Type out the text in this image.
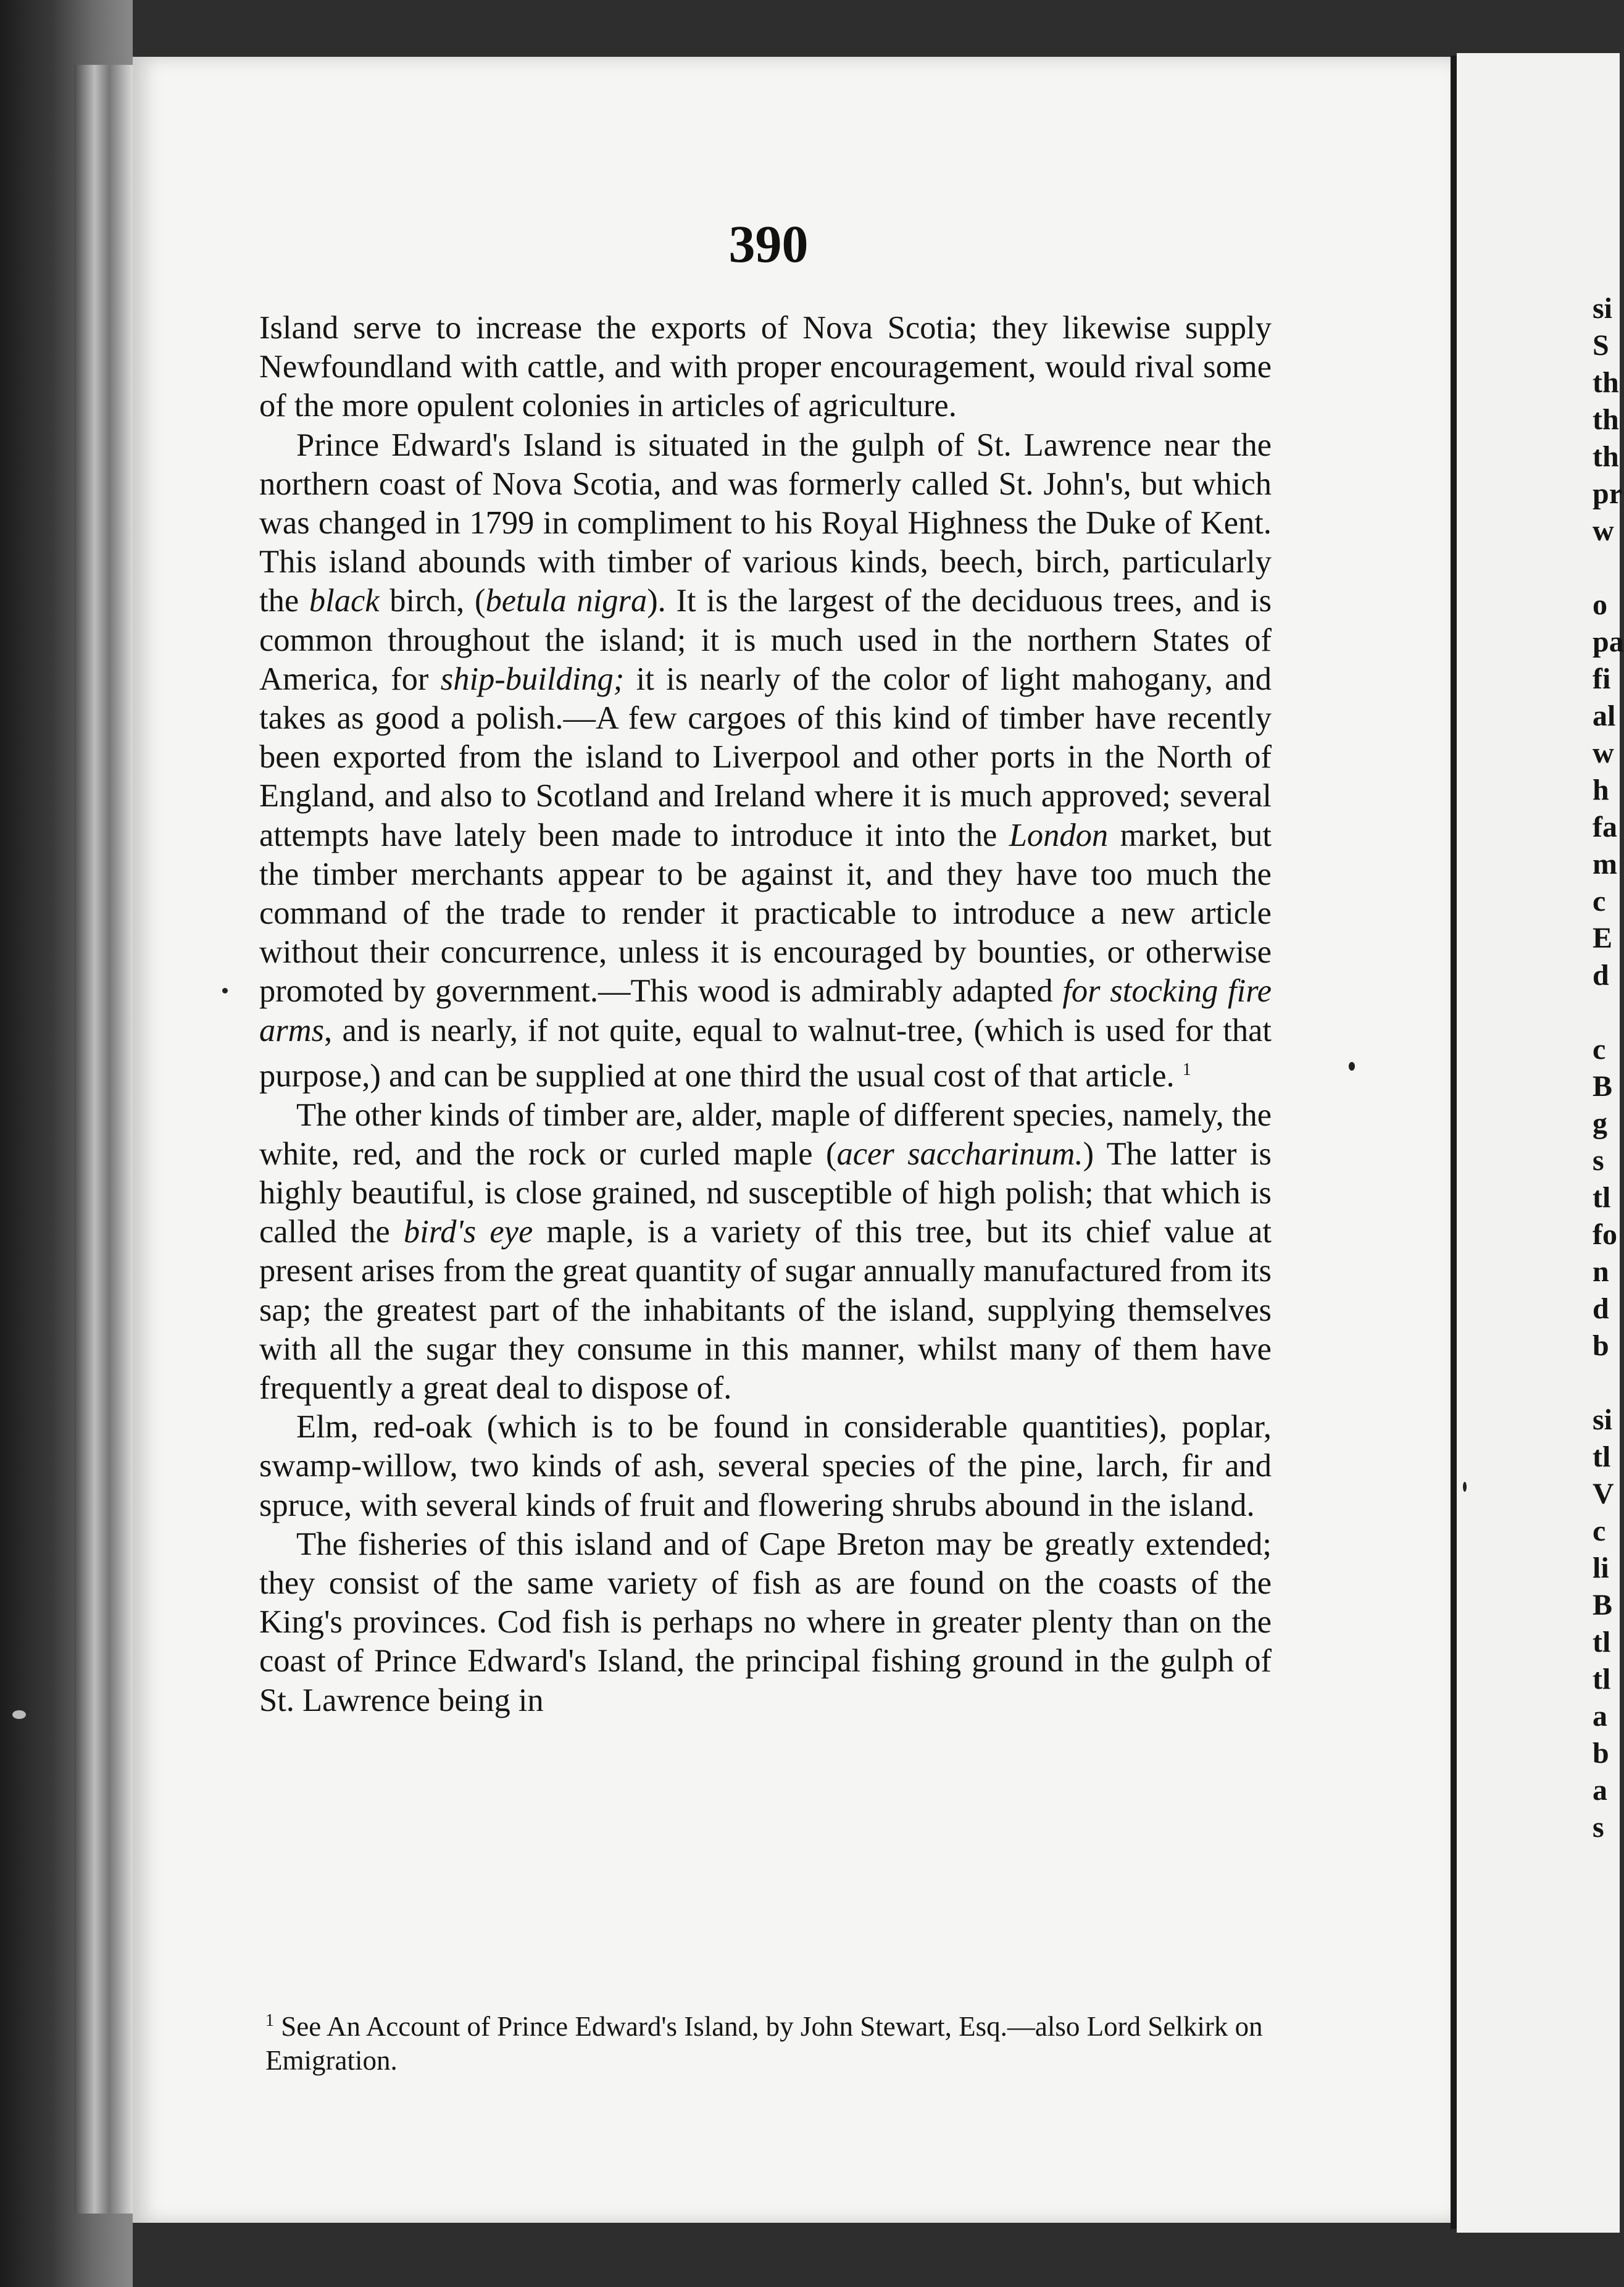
390

Island serve to increase the exports of Nova Scotia; they likewise supply Newfoundland with cattle, and with proper encouragement, would rival some of the more opulent colonies in articles of agriculture.

Prince Edward's Island is situated in the gulph of St. Lawrence near the northern coast of Nova Scotia, and was formerly called St. John's, but which was changed in 1799 in compliment to his Royal Highness the Duke of Kent. This island abounds with timber of various kinds, beech, birch, particularly the black birch, (betula nigra). It is the largest of the deciduous trees, and is common throughout the island; it is much used in the northern States of America, for ship-building; it is nearly of the color of light mahogany, and takes as good a polish.—A few cargoes of this kind of timber have recently been exported from the island to Liverpool and other ports in the North of England, and also to Scotland and Ireland where it is much approved; several attempts have lately been made to introduce it into the London market, but the timber merchants appear to be against it, and they have too much the command of the trade to render it practicable to introduce a new article without their concurrence, unless it is encouraged by bounties, or otherwise promoted by government.—This wood is admirably adapted for stocking fire arms, and is nearly, if not quite, equal to walnut-tree, (which is used for that purpose,) and can be supplied at one third the usual cost of that article. $^1$

The other kinds of timber are, alder, maple of different species, namely, the white, red, and the rock or curled maple (acer saccharinum.) The latter is highly beautiful, is close grained, nd susceptible of high polish; that which is called the bird's eye maple, is a variety of this tree, but its chief value at present arises from the great quantity of sugar annually manufactured from its sap; the greatest part of the inhabitants of the island, supplying themselves with all the sugar they consume in this manner, whilst many of them have frequently a great deal to dispose of.

Elm, red-oak (which is to be found in considerable quantities), poplar, swamp-willow, two kinds of ash, several species of the pine, larch, fir and spruce, with several kinds of fruit and flowering shrubs abound in the island.

The fisheries of this island and of Cape Breton may be greatly extended; they consist of the same variety of fish as are found on the coasts of the King's provinces. Cod fish is perhaps no where in greater plenty than on the coast of Prince Edward's Island, the principal fishing ground in the gulph of St. Lawrence being in

$^1$ See An Account of Prince Edward's Island, by John Stewart, Esq.—also Lord Selkirk on Emigration.

si
S
th
th
th
pr
w
o
pa
fi
al
w
h
fa
m
c
E
d
c
B
g
s
tl
fo
n
d
b
si
tl
V
c
li
B
tl
tl
a
b
a
s
